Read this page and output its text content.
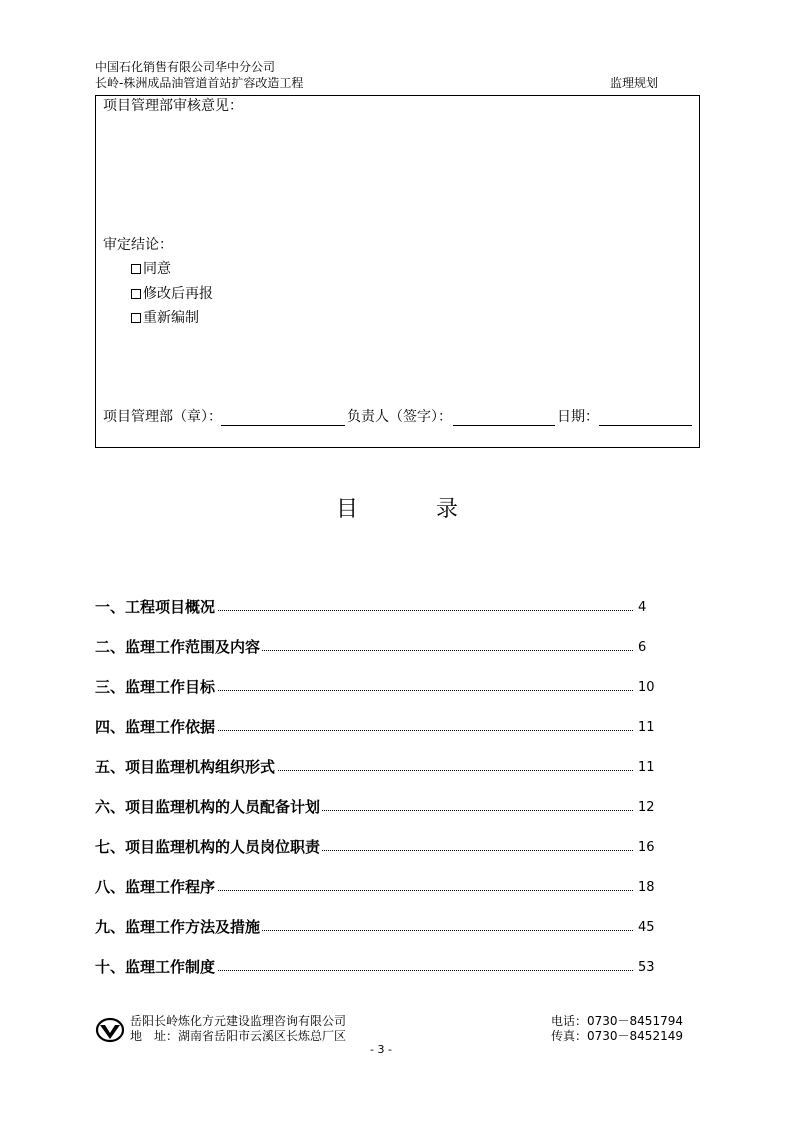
中国石化销售有限公司华中分公司
长岭-株洲成品油管道首站扩容改造工程	监理规划
项目管理部审核意见：
审定结论：
同意
修改后再报
重新编制
项目管理部（章）：	负责人（签字）：	日期：
目	录
一、工程项目概况	4
二、监理工作范围及内容	6
三、监理工作目标	10
四、监理工作依据	11
五、项目监理机构组织形式	11
六、项目监理机构的人员配备计划	12
七、项目监理机构的人员岗位职责	16
八、监理工作程序	18
九、监理工作方法及措施	45
十、监理工作制度	53
岳阳长岭炼化方元建设监理咨询有限公司
地　址：湖南省岳阳市云溪区长炼总厂区
电话：0730－8451794
传真：0730－8452149
- 3 -
